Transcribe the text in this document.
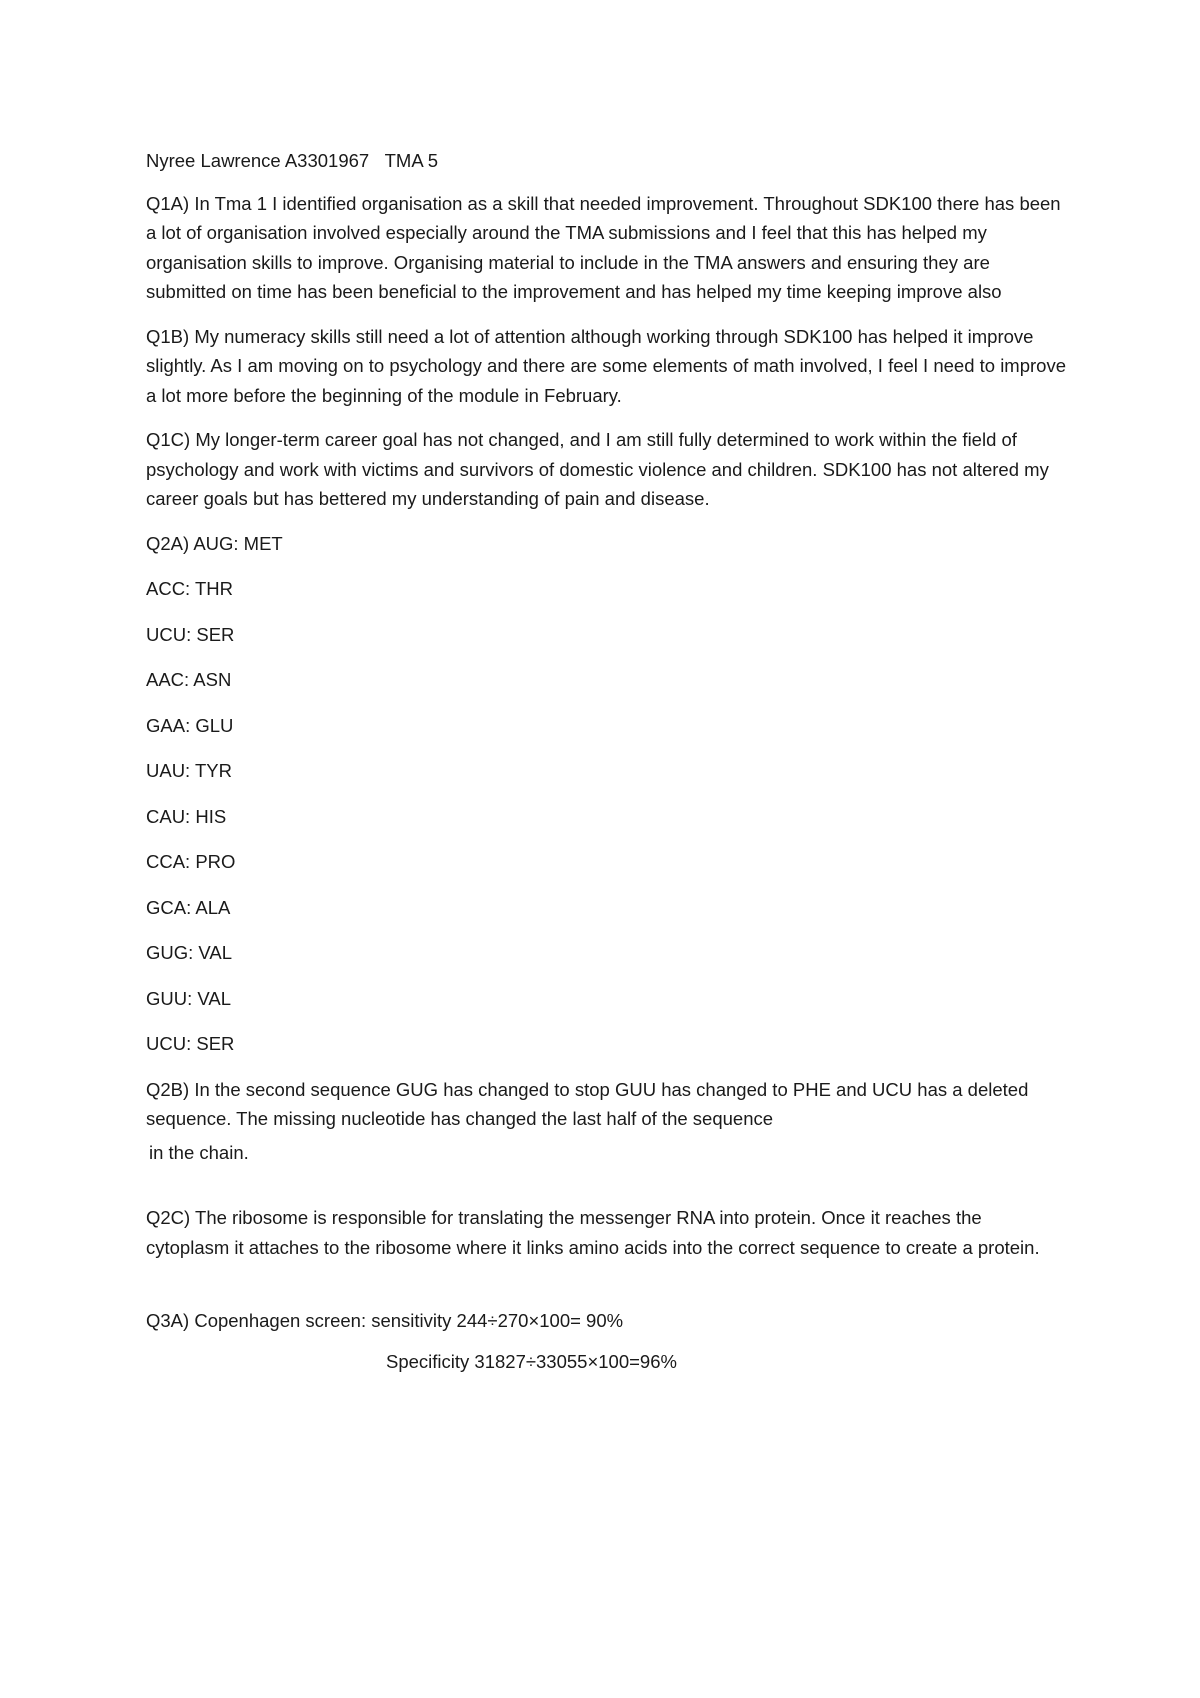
Nyree Lawrence A3301967 TMA 5

Q1A) In Tma 1 I identified organisation as a skill that needed improvement. Throughout SDK100 there has been a lot of organisation involved especially around the TMA submissions and I feel that this has helped my organisation skills to improve. Organising material to include in the TMA answers and ensuring they are submitted on time has been beneficial to the improvement and has helped my time keeping improve also

Q1B) My numeracy skills still need a lot of attention although working through SDK100 has helped it improve slightly. As I am moving on to psychology and there are some elements of math involved, I feel I need to improve a lot more before the beginning of the module in February.

Q1C) My longer-term career goal has not changed, and I am still fully determined to work within the field of psychology and work with victims and survivors of domestic violence and children. SDK100 has not altered my career goals but has bettered my understanding of pain and disease.

Q2A) AUG: MET

ACC: THR

UCU: SER

AAC: ASN

GAA: GLU

UAU: TYR

CAU: HIS

CCA: PRO

GCA: ALA

GUG: VAL

GUU: VAL

UCU: SER

Q2B) In the second sequence GUG has changed to stop GUU has changed to PHE and UCU has a deleted sequence. The missing nucleotide has changed the last half of the sequence

in the chain.

Q2C) The ribosome is responsible for translating the messenger RNA into protein. Once it reaches the cytoplasm it attaches to the ribosome where it links amino acids into the correct sequence to create a protein.

Q3A) Copenhagen screen: sensitivity 244÷270×100= 90%

Specificity 31827÷33055×100=96%
